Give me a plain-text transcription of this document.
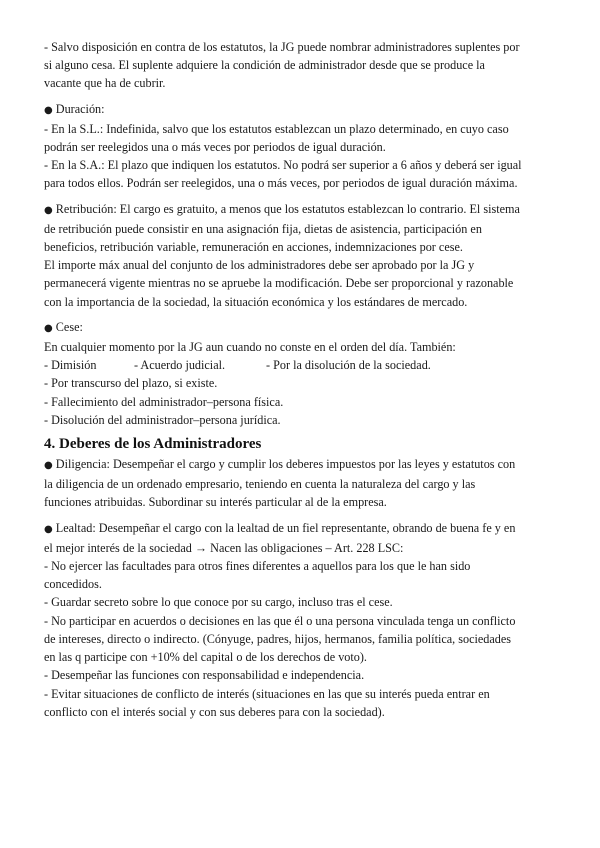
- Salvo disposición en contra de los estatutos, la JG puede nombrar administradores suplentes por
si alguno cesa. El suplente adquiere la condición de administrador desde que se produce la
vacante que ha de cubrir.

● Duración:
- En la S.L.: Indefinida, salvo que los estatutos establezcan un plazo determinado, en cuyo caso
podrán ser reelegidos una o más veces por periodos de igual duración.
- En la S.A.: El plazo que indiquen los estatutos. No podrá ser superior a 6 años y deberá ser igual
para todos ellos. Podrán ser reelegidos, una o más veces, por periodos de igual duración máxima.

● Retribución: El cargo es gratuito, a menos que los estatutos establezcan lo contrario. El sistema
de retribución puede consistir en una asignación fija, dietas de asistencia, participación en
beneficios, retribución variable, remuneración en acciones, indemnizaciones por cese.
El importe máx anual del conjunto de los administradores debe ser aprobado por la JG y
permanecerá vigente mientras no se apruebe la modificación. Debe ser proporcional y razonable
con la importancia de la sociedad, la situación económica y los estándares de mercado.

● Cese:
En cualquier momento por la JG aun cuando no conste en el orden del día. También:
- Dimisión	- Acuerdo judicial.	- Por la disolución de la sociedad.
- Por transcurso del plazo, si existe.
- Fallecimiento del administrador–persona física.
- Disolución del administrador–persona jurídica.
4. Deberes de los Administradores

● Diligencia: Desempeñar el cargo y cumplir los deberes impuestos por las leyes y estatutos con
la diligencia de un ordenado empresario, teniendo en cuenta la naturaleza del cargo y las
funciones atribuidas. Subordinar su interés particular al de la empresa.

● Lealtad: Desempeñar el cargo con la lealtad de un fiel representante, obrando de buena fe y en
el mejor interés de la sociedad → Nacen las obligaciones – Art. 228 LSC:
- No ejercer las facultades para otros fines diferentes a aquellos para los que le han sido
concedidos.
- Guardar secreto sobre lo que conoce por su cargo, incluso tras el cese.
- No participar en acuerdos o decisiones en las que él o una persona vinculada tenga un conflicto
de intereses, directo o indirecto. (Cónyuge, padres, hijos, hermanos, familia política, sociedades
en las q participe con +10% del capital o de los derechos de voto).
- Desempeñar las funciones con responsabilidad e independencia.
- Evitar situaciones de conflicto de interés (situaciones en las que su interés pueda entrar en
conflicto con el interés social y con sus deberes para con la sociedad).
